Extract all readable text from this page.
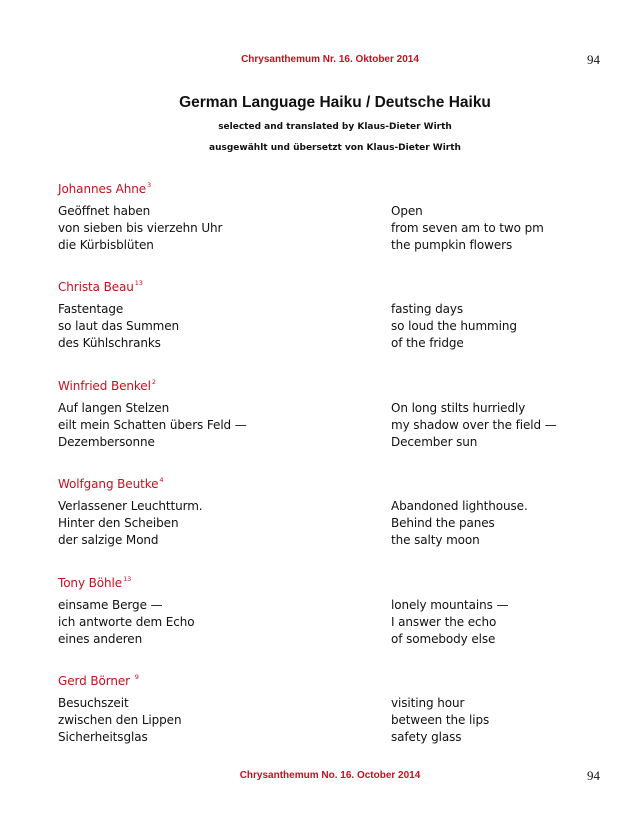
Chrysanthemum Nr. 16. Oktober 2014	94
German Language Haiku / Deutsche Haiku
selected and translated by Klaus-Dieter Wirth
ausgewählt und übersetzt von Klaus-Dieter Wirth
Johannes Ahne$^3$
Geöffnet haben
von sieben bis vierzehn Uhr
die Kürbisblüten
Open
from seven am to two pm
the pumpkin flowers
Christa Beau$^{13}$
Fastentage
so laut das Summen
des Kühlschranks
fasting days
so loud the humming
of the fridge
Winfried Benkel$^2$
Auf langen Stelzen
eilt mein Schatten übers Feld —
Dezembersonne
On long stilts hurriedly
my shadow over the field —
December sun
Wolfgang Beutke$^4$
Verlassener Leuchtturm.
Hinter den Scheiben
der salzige Mond
Abandoned lighthouse.
Behind the panes
the salty moon
Tony Böhle$^{13}$
einsame Berge —
ich antworte dem Echo
eines anderen
lonely mountains —
I answer the echo
of somebody else
Gerd Börner $^9$
Besuchszeit
zwischen den Lippen
Sicherheitsglas
visiting hour
between the lips
safety glass
Chrysanthemum No. 16. October 2014	94
